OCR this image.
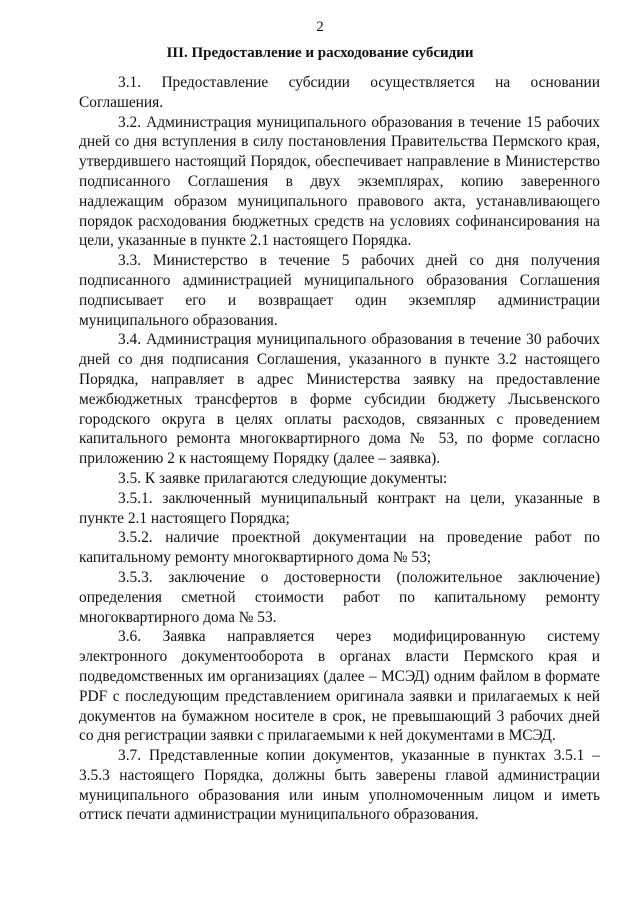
2
III. Предоставление и расходование субсидии

3.1. Предоставление субсидии осуществляется на основании Соглашения.

3.2. Администрация муниципального образования в течение 15 рабочих дней со дня вступления в силу постановления Правительства Пермского края, утвердившего настоящий Порядок, обеспечивает направление в Министерство подписанного Соглашения в двух экземплярах, копию заверенного надлежащим образом муниципального правового акта, устанавливающего порядок расходования бюджетных средств на условиях софинансирования на цели, указанные в пункте 2.1 настоящего Порядка.

3.3. Министерство в течение 5 рабочих дней со дня получения подписанного администрацией муниципального образования Соглашения подписывает его и возвращает один экземпляр администрации муниципального образования.

3.4. Администрация муниципального образования в течение 30 рабочих дней со дня подписания Соглашения, указанного в пункте 3.2 настоящего Порядка, направляет в адрес Министерства заявку на предоставление межбюджетных трансфертов в форме субсидии бюджету Лысьвенского городского округа в целях оплаты расходов, связанных с проведением капитального ремонта многоквартирного дома № 53, по форме согласно приложению 2 к настоящему Порядку (далее – заявка).

3.5. К заявке прилагаются следующие документы:

3.5.1. заключенный муниципальный контракт на цели, указанные в пункте 2.1 настоящего Порядка;

3.5.2. наличие проектной документации на проведение работ по капитальному ремонту многоквартирного дома № 53;

3.5.3. заключение о достоверности (положительное заключение) определения сметной стоимости работ по капитальному ремонту многоквартирного дома № 53.

3.6. Заявка направляется через модифицированную систему электронного документооборота в органах власти Пермского края и подведомственных им организациях (далее – МСЭД) одним файлом в формате PDF с последующим представлением оригинала заявки и прилагаемых к ней документов на бумажном носителе в срок, не превышающий 3 рабочих дней со дня регистрации заявки с прилагаемыми к ней документами в МСЭД.

3.7. Представленные копии документов, указанные в пунктах 3.5.1 – 3.5.3 настоящего Порядка, должны быть заверены главой администрации муниципального образования или иным уполномоченным лицом и иметь оттиск печати администрации муниципального образования.
